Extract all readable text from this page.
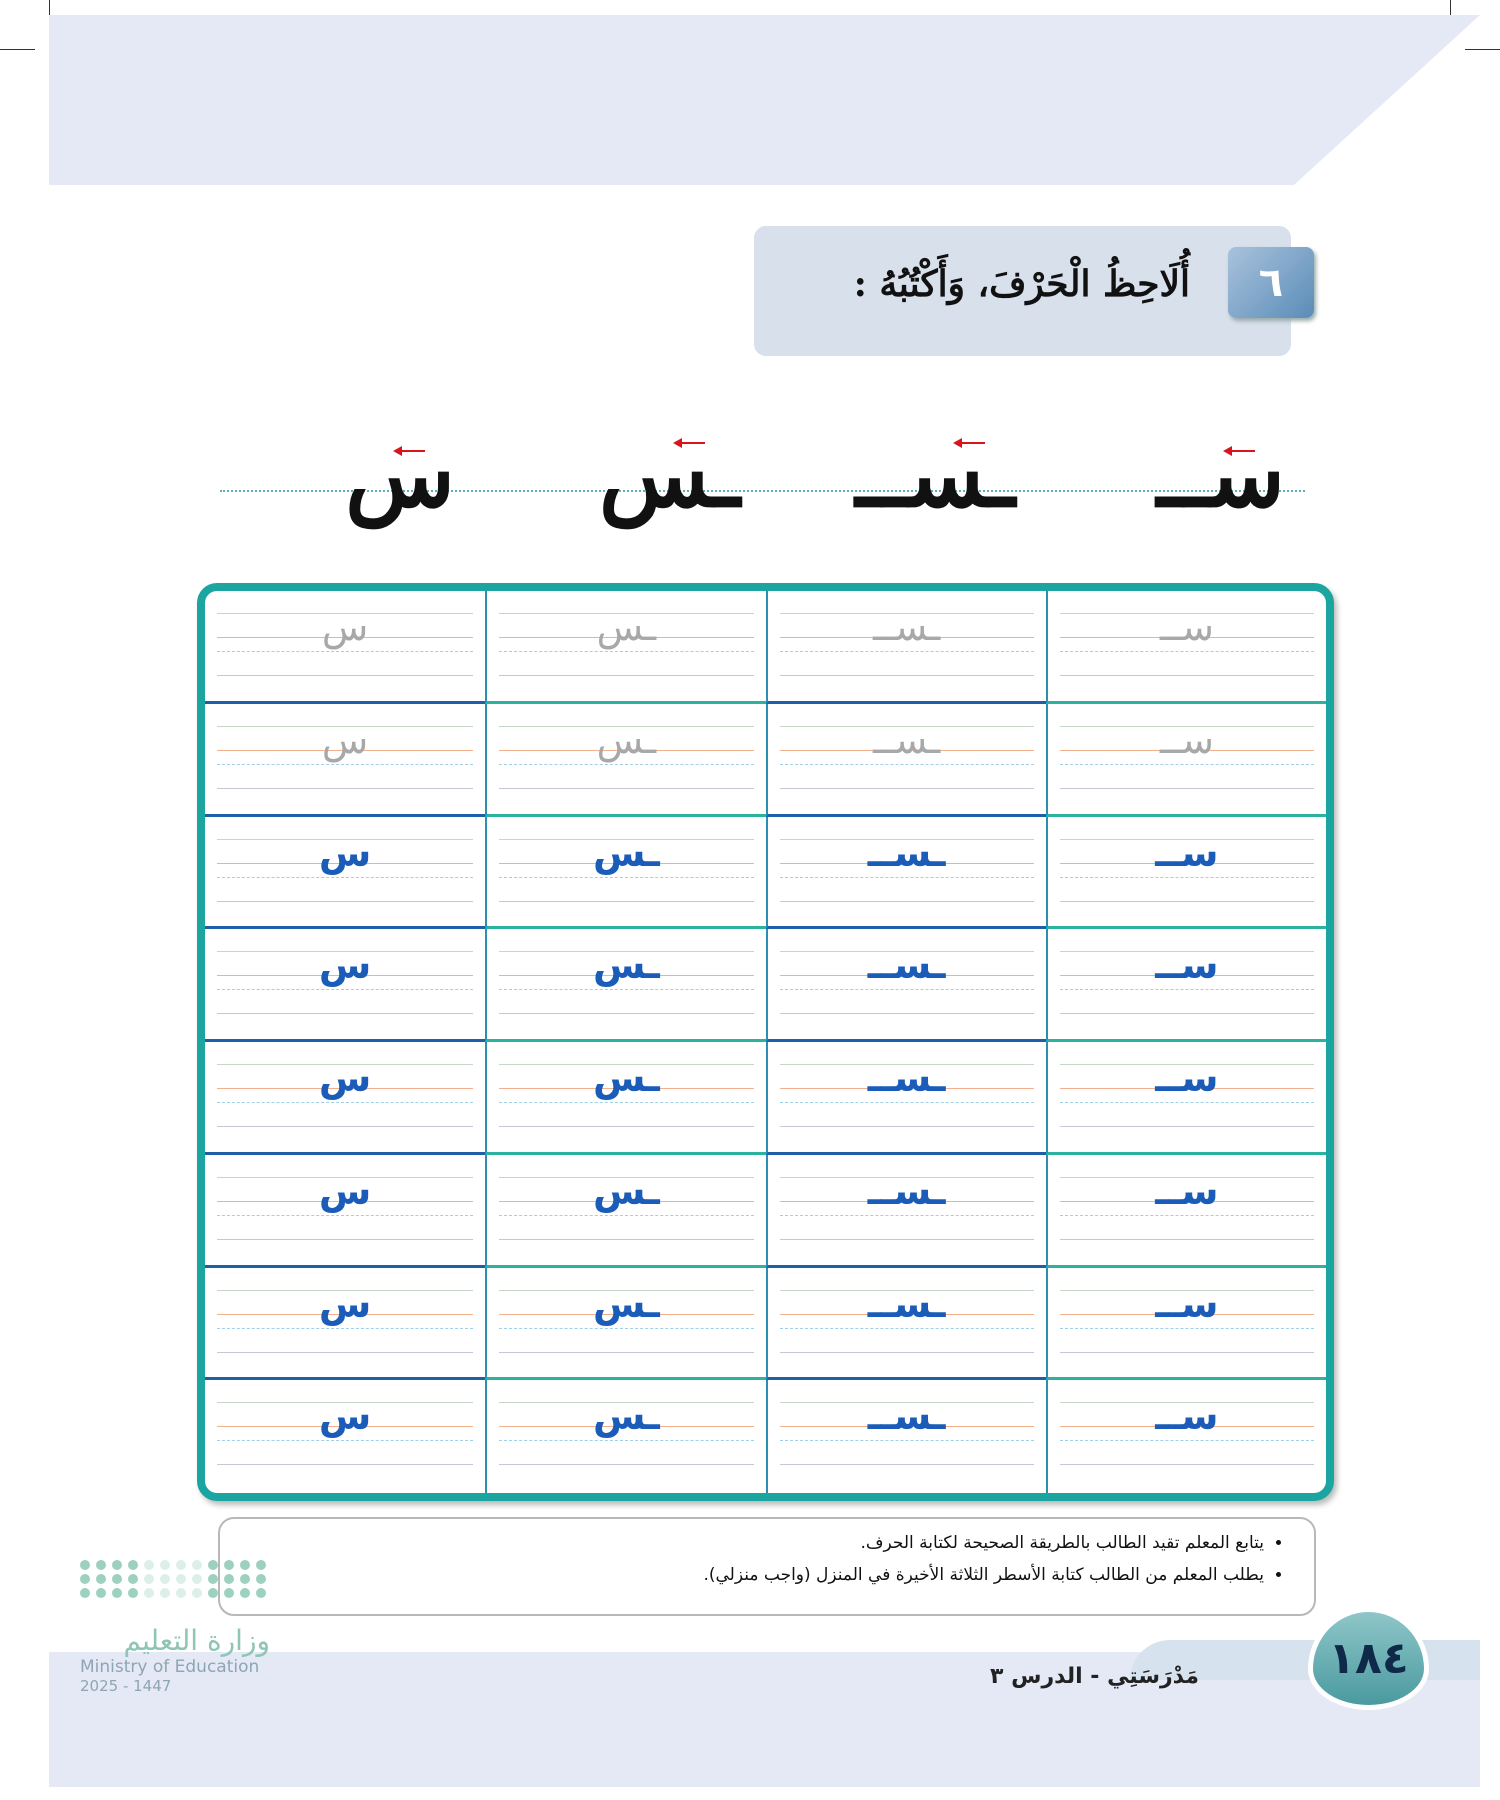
أُلَاحِظُ الْحَرْفَ، وَأَكْتُبُهُ :	٦
ســ
ـســ
ـس
س
ســ
ـســ
ـس
س
ســ
ـســ
ـس
س
ســ
ـســ
ـس
س
ســ
ـســ
ـس
س
ســ
ـســ
ـس
س
ســ
ـســ
ـس
س
ســ
ـســ
ـس
س
ســ
ـســ
ـس
س
• يتابع المعلم تقيد الطالب بالطريقة الصحيحة لكتابة الحرف.
• يطلب المعلم من الطالب كتابة الأسطر الثلاثة الأخيرة في المنزل (واجب منزلي).
مَدْرَسَتِي - الدرس ٣	١٨٤
وزارة التعليم
Ministry of Education
2025 - 1447
